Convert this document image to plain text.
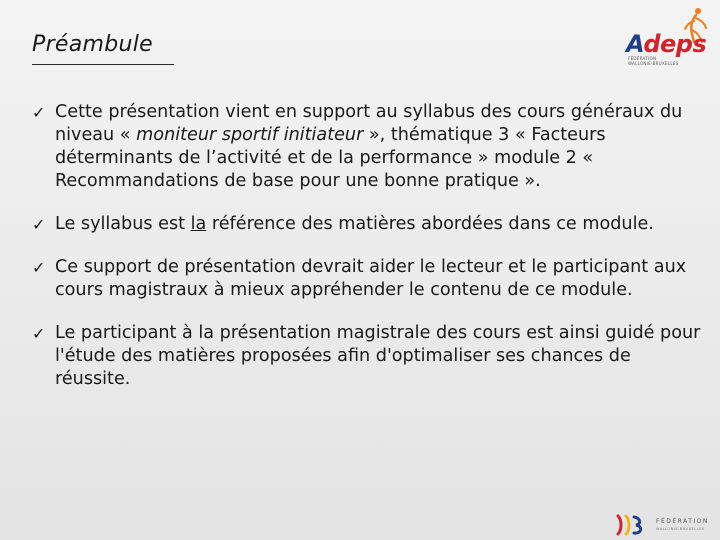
Préambule	Adeps
FÉDÉRATION
WALLONIE-BRUXELLES
✓ Cette présentation vient en support au syllabus des cours généraux du niveau « moniteur sportif initiateur », thématique 3 « Facteurs déterminants de l’activité et de la performance » module 2 « Recommandations de base pour une bonne pratique ».
✓ Le syllabus est la référence des matières abordées dans ce module.
✓ Ce support de présentation devrait aider le lecteur et le participant aux cours magistraux à mieux appréhender le contenu de ce module.
✓ Le participant à la présentation magistrale des cours est ainsi guidé pour l'étude des matières proposées afin d'optimaliser ses chances de réussite.
FÉDÉRATION
WALLONIE-BRUXELLES
